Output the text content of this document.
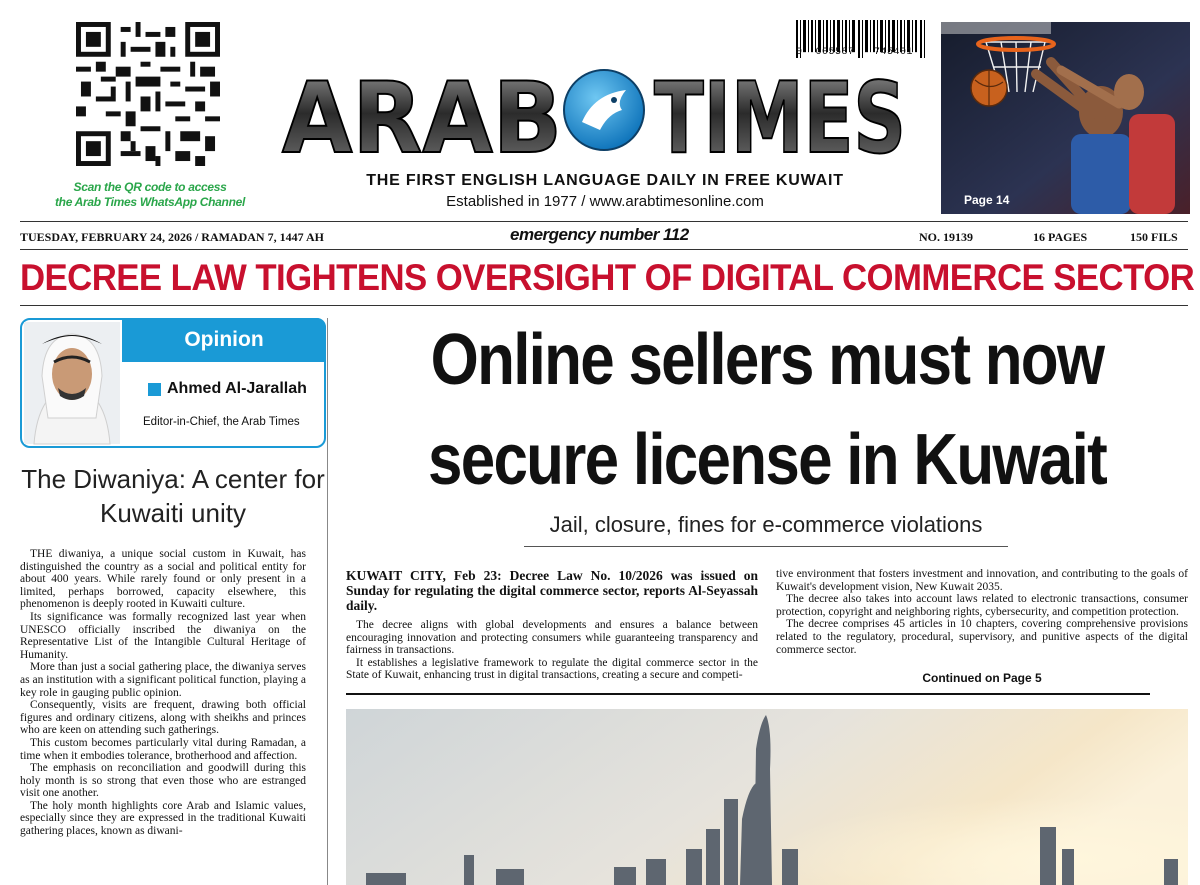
Scan the QR code to access
the Arab Times WhatsApp Channel
ARAB TIMES
THE FIRST ENGLISH LANGUAGE DAILY IN FREE KUWAIT
Established in 1977 / www.arabtimesonline.com
0  005587   745401
Page 14
TUESDAY, FEBRUARY 24, 2026 / RAMADAN 7, 1447 AH	emergency number 112	NO. 19139	16 PAGES	150 FILS
DECREE LAW TIGHTENS OVERSIGHT OF DIGITAL COMMERCE SECTOR
Opinion
Ahmed Al-Jarallah
Editor-in-Chief, the Arab Times
The Diwaniya: A center for Kuwaiti unity

THE diwaniya, a unique social custom in Kuwait, has distinguished the country as a social and political entity for about 400 years. While rarely found or only present in a limited, perhaps borrowed, capacity elsewhere, this phenomenon is deeply rooted in Kuwaiti culture.

Its significance was formally recognized last year when UNESCO officially inscribed the diwaniya on the Representative List of the Intangible Cultural Heritage of Humanity.

More than just a social gathering place, the diwaniya serves as an institution with a significant political function, playing a key role in gauging public opinion.

Consequently, visits are frequent, drawing both official figures and ordinary citizens, along with sheikhs and princes who are keen on attending such gatherings.

This custom becomes particularly vital during Ramadan, a time when it embodies tolerance, brotherhood and affection.

The emphasis on reconciliation and goodwill during this holy month is so strong that even those who are estranged visit one another.

The holy month highlights core Arab and Islamic values, especially since they are expressed in the traditional Kuwaiti gathering places, known as diwani-

Online sellers must now
secure license in Kuwait
Jail, closure, fines for e-commerce violations
KUWAIT CITY, Feb 23: Decree Law No. 10/2026 was issued on Sunday for regulating the digital commerce sector, reports Al-Seyassah daily.

The decree aligns with global developments and ensures a balance between encouraging innovation and protecting consumers while guaranteeing transparency and fairness in transactions.

It establishes a legislative framework to regulate the digital commerce sector in the State of Kuwait, enhancing trust in digital transactions, creating a secure and competi-

tive environment that fosters investment and innovation, and contributing to the goals of Kuwait's development vision, New Kuwait 2035.

The decree also takes into account laws related to electronic transactions, consumer protection, copyright and neighboring rights, cybersecurity, and competition protection.

The decree comprises 45 articles in 10 chapters, covering comprehensive provisions related to the regulatory, procedural, supervisory, and punitive aspects of the digital commerce sector.

Continued on Page 5
